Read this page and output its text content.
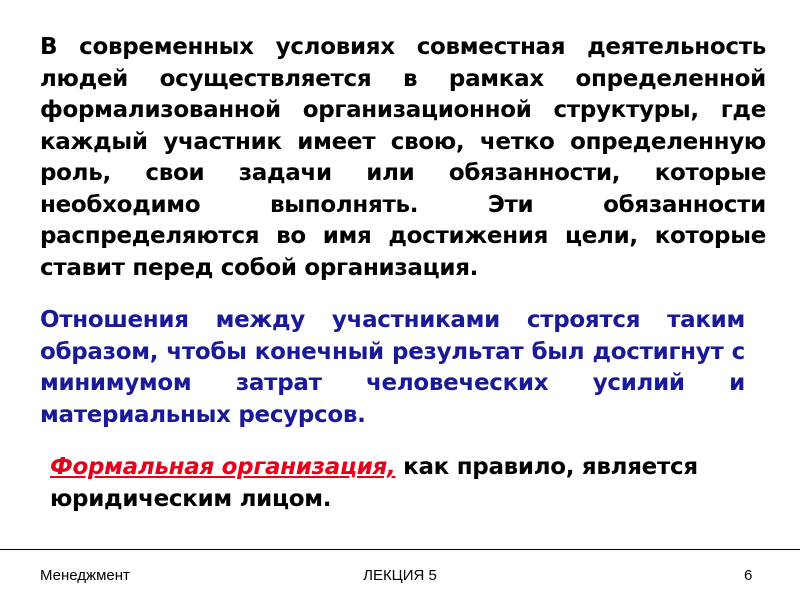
В современных условиях совместная деятельность людей осуществляется в рамках определенной формализованной организационной структуры, где каждый участник имеет свою, четко определенную роль, свои задачи или обязанности, которые необходимо выполнять. Эти обязанности распределяются во имя достижения цели, которые ставит перед собой организация.
Отношения между участниками строятся таким образом, чтобы конечный результат был достигнут с минимумом затрат человеческих усилий и материальных ресурсов.
Формальная организация, как правило, является юридическим лицом.
Менеджмент	ЛЕКЦИЯ 5	6
